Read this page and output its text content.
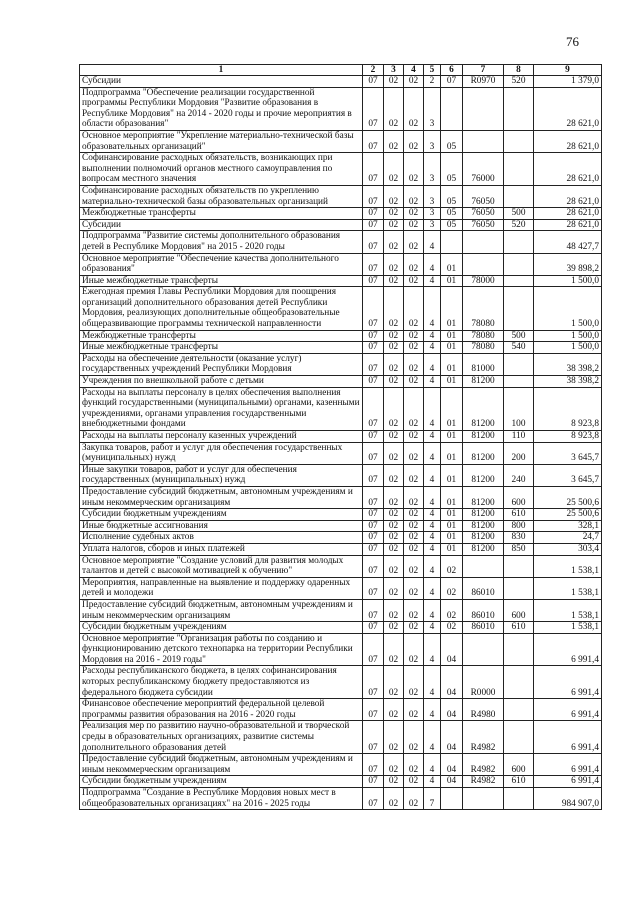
76
1	2	3	4	5	6	7	8	9
Субсидии	07	02	02	2	07	R0970	520	1 379,0
Подпрограмма "Обеспечение реализации государственной программы Республики Мордовия "Развитие образования в Республике Мордовия" на 2014 - 2020 годы и прочие мероприятия в области образования"	07	02	02	3				28 621,0
Основное мероприятие "Укрепление материально-технической базы образовательных организаций"	07	02	02	3	05			28 621,0
Софинансирование расходных обязательств, возникающих при выполнении полномочий органов местного самоуправления по вопросам местного значения	07	02	02	3	05	76000		28 621,0
Софинансирование расходных обязательств по укреплению материально-технической базы образовательных организаций	07	02	02	3	05	76050		28 621,0
Межбюджетные трансферты	07	02	02	3	05	76050	500	28 621,0
Субсидии	07	02	02	3	05	76050	520	28 621,0
Подпрограмма "Развитие системы дополнительного образования детей в Республике Мордовия" на 2015 - 2020 годы	07	02	02	4				48 427,7
Основное мероприятие "Обеспечение качества дополнительного образования"	07	02	02	4	01			39 898,2
Иные межбюджетные трансферты	07	02	02	4	01	78000		1 500,0
Ежегодная премия Главы Республики Мордовия для поощрения организаций дополнительного образования детей Республики Мордовия, реализующих дополнительные общеобразовательные общеразвивающие программы технической направленности	07	02	02	4	01	78080		1 500,0
Межбюджетные трансферты	07	02	02	4	01	78080	500	1 500,0
Иные межбюджетные трансферты	07	02	02	4	01	78080	540	1 500,0
Расходы на обеспечение деятельности (оказание услуг) государственных учреждений Республики Мордовия	07	02	02	4	01	81000		38 398,2
Учреждения по внешкольной работе с детьми	07	02	02	4	01	81200		38 398,2
Расходы на выплаты персоналу в целях обеспечения выполнения функций государственными (муниципальными) органами, казенными учреждениями, органами управления государственными внебюджетными фондами	07	02	02	4	01	81200	100	8 923,8
Расходы на выплаты персоналу казенных учреждений	07	02	02	4	01	81200	110	8 923,8
Закупка товаров, работ и услуг для обеспечения государственных (муниципальных) нужд	07	02	02	4	01	81200	200	3 645,7
Иные закупки товаров, работ и услуг для обеспечения государственных (муниципальных) нужд	07	02	02	4	01	81200	240	3 645,7
Предоставление субсидий бюджетным, автономным учреждениям и иным некоммерческим организациям	07	02	02	4	01	81200	600	25 500,6
Субсидии бюджетным учреждениям	07	02	02	4	01	81200	610	25 500,6
Иные бюджетные ассигнования	07	02	02	4	01	81200	800	328,1
Исполнение судебных актов	07	02	02	4	01	81200	830	24,7
Уплата налогов, сборов и иных платежей	07	02	02	4	01	81200	850	303,4
Основное мероприятие "Создание условий для развития молодых талантов и детей с высокой мотивацией к обучению"	07	02	02	4	02			1 538,1
Мероприятия, направленные на выявление и поддержку одаренных детей и молодежи	07	02	02	4	02	86010		1 538,1
Предоставление субсидий бюджетным, автономным учреждениям и иным некоммерческим организациям	07	02	02	4	02	86010	600	1 538,1
Субсидии бюджетным учреждениям	07	02	02	4	02	86010	610	1 538,1
Основное мероприятие "Организация работы по созданию и функционированию детского технопарка на территории Республики Мордовия на 2016 - 2019 годы"	07	02	02	4	04			6 991,4
Расходы республиканского бюджета, в целях софинансирования которых республиканскому бюджету предоставляются из федерального бюджета субсидии	07	02	02	4	04	R0000		6 991,4
Финансовое обеспечение мероприятий федеральной целевой программы развития образования на 2016 - 2020 годы	07	02	02	4	04	R4980		6 991,4
Реализация мер по развитию научно-образовательной и творческой среды в образовательных организациях, развитие системы дополнительного образования детей	07	02	02	4	04	R4982		6 991,4
Предоставление субсидий бюджетным, автономным учреждениям и иным некоммерческим организациям	07	02	02	4	04	R4982	600	6 991,4
Субсидии бюджетным учреждениям	07	02	02	4	04	R4982	610	6 991,4
Подпрограмма "Создание в Республике Мордовия новых мест в общеобразовательных организациях" на 2016 - 2025 годы	07	02	02	7				984 907,0
